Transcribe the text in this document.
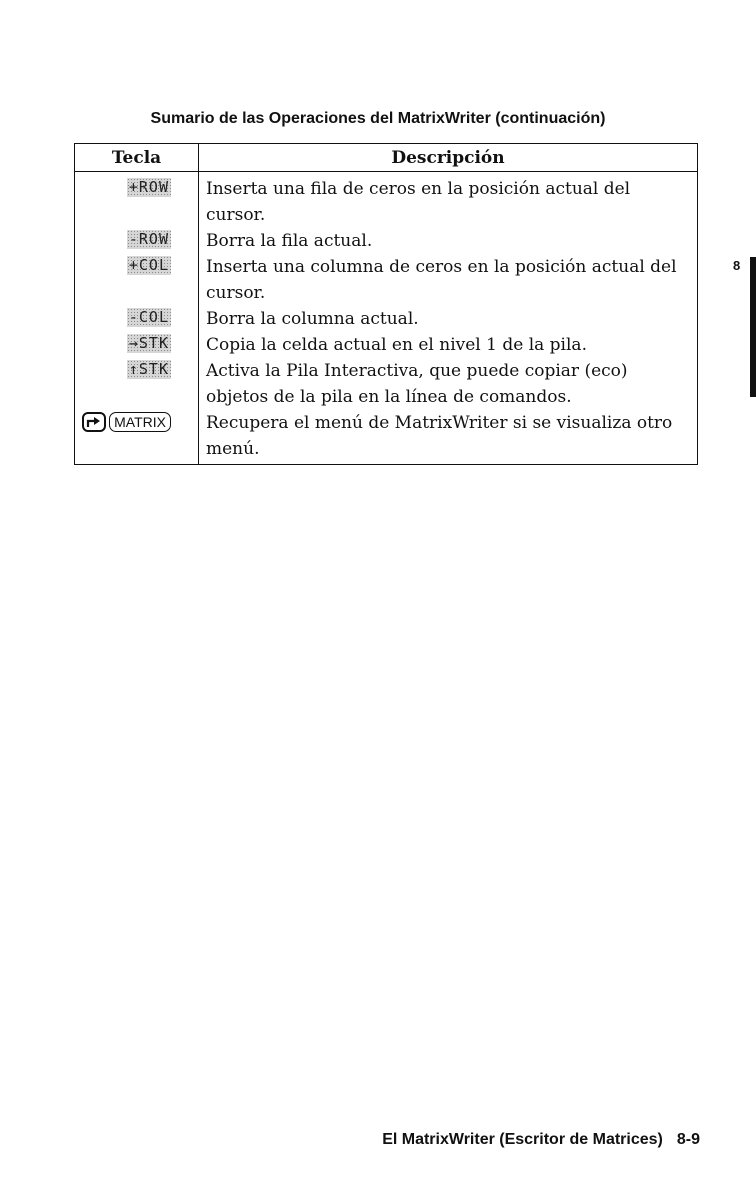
Sumario de las Operaciones del MatrixWriter (continuación)
Tecla	Descripción
+ROW	Inserta una fila de ceros en la posición actual del cursor.
-ROW	Borra la fila actual.
+COL	Inserta una columna de ceros en la posición actual del cursor.
-COL	Borra la columna actual.
→STK	Copia la celda actual en el nivel 1 de la pila.
↑STK	Activa la Pila Interactiva, que puede copiar (eco) objetos de la pila en la línea de comandos.

MATRIX	Recupera el menú de MatrixWriter si se visualiza otro menú.
8
El MatrixWriter (Escritor de Matrices) 8-9
